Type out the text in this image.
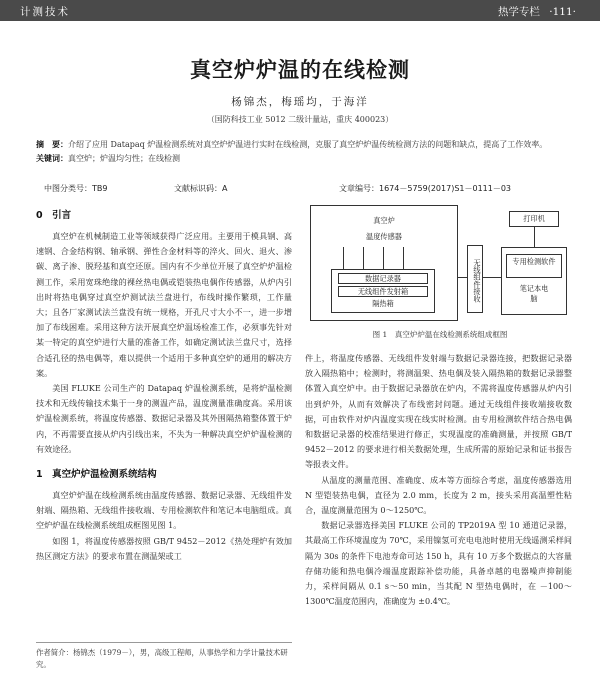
计测技术	热学专栏 ·111·
真空炉炉温的在线检测
杨锦杰，梅瑶均，于海洋
（国防科技工业 5012 二级计量站，重庆 400023）
摘　要：介绍了应用 Datapaq 炉温检测系统对真空炉炉温进行实时在线检测，克服了真空炉炉温传统检测方法的问题和缺点，提高了工作效率。
关键词：真空炉；炉温均匀性；在线检测
中图分类号：TB9	文献标识码：A	文章编号：1674－5759(2017)S1－0111－03
0　引言

真空炉在机械制造工业等领域获得广泛应用。主要用于模具钢、高速钢、合金结构钢、轴承钢、弹性合金材料等的淬火、回火、退火、渗碳、离子渗、脱羟基和真空还原。国内有不少单位开展了真空炉炉温检测工作，采用宽珠绝缘的裸丝热电偶或铠装热电偶作传感器，从炉内引出时将热电偶穿过真空炉测试法兰盘进行，布线时操作繁琐，工作量大；且各厂家测试法兰盘没有统一规格，开孔尺寸大小不一，进一步增加了布线困难。采用这种方法开展真空炉温场检准工作，必须事先针对某一特定的真空炉进行大量的准备工作，如确定测试法兰盘尺寸，选择合适孔径的热电偶等，难以提供一个适用于多种真空炉的通用的解决方案。

美国 FLUKE 公司生产的 Datapaq 炉温检测系统，是将炉温检测技术和无线传输技术集于一身的测温产品，温度测量准确度高。采用该炉温检测系统，将温度传感器、数据记录器及其外围隔热箱整体置于炉内，不再需要直接从炉内引线出来，不失为一种解决真空炉炉温检测的有效途径。

1　真空炉炉温检测系统结构

真空炉炉温在线检测系统由温度传感器、数据记录器、无线组件发射端、隔热箱、无线组件接收端、专用检测软件和笔记本电脑组成。真空炉炉温在线检测系统组成框图见图 1。

如图 1，将温度传感器按照 GB/T 9452－2012《热处理炉有效加热区测定方法》的要求布置在测温架或工

真空炉
温度传感器
数据记录器
无线组件发射箱
隔热箱
无线组件接收	专用检测软件
笔记本电脑
打印机
图 1　真空炉炉温在线检测系统组成框图

件上，将温度传感器、无线组件发射端与数据记录器连接，把数据记录器放入隔热箱中；检测时，将测温架、热电偶及装入隔热箱的数据记录器整体置入真空炉中。由于数据记录器放在炉内，不需将温度传感器从炉内引出到炉外，从而有效解决了布线密封问题。通过无线组件接收端接收数据，可由软件对炉内温度实现在线实时检测。由专用检测软件结合热电偶和数据记录器的校准结果进行修正，实现温度的准确测量，并按照 GB/T 9452－2012 的要求进行相关数据处理，生成所需的原始记录和证书报告等报表文件。

从温度的测量范围、准确度、成本等方面综合考虑，温度传感器选用 N 型铠装热电偶，直径为 2.0 mm，长度为 2 m，接头采用高温塑性粘合，温度测量范围为 0～1250℃。

数据记录器选择美国 FLUKE 公司的 TP2019A 型 10 通道记录器，其最高工作环境温度为 70℃，采用镍氢可充电电池时使用无线遥测采样间隔为 30s 的条件下电池寿命可达 150 h，具有 10 万多个数据点的大容量存储功能和热电偶冷端温度跟踪补偿功能，具备卓越的电器噪声抑制能力，采样间隔从 0.1 s～50 min，当其配 N 型热电偶时，在 －100～1300℃温度范围内，准确度为 ±0.4℃。

作者简介：杨锦杰（1979－），男，高级工程师，从事热学和力学计量技术研究。
